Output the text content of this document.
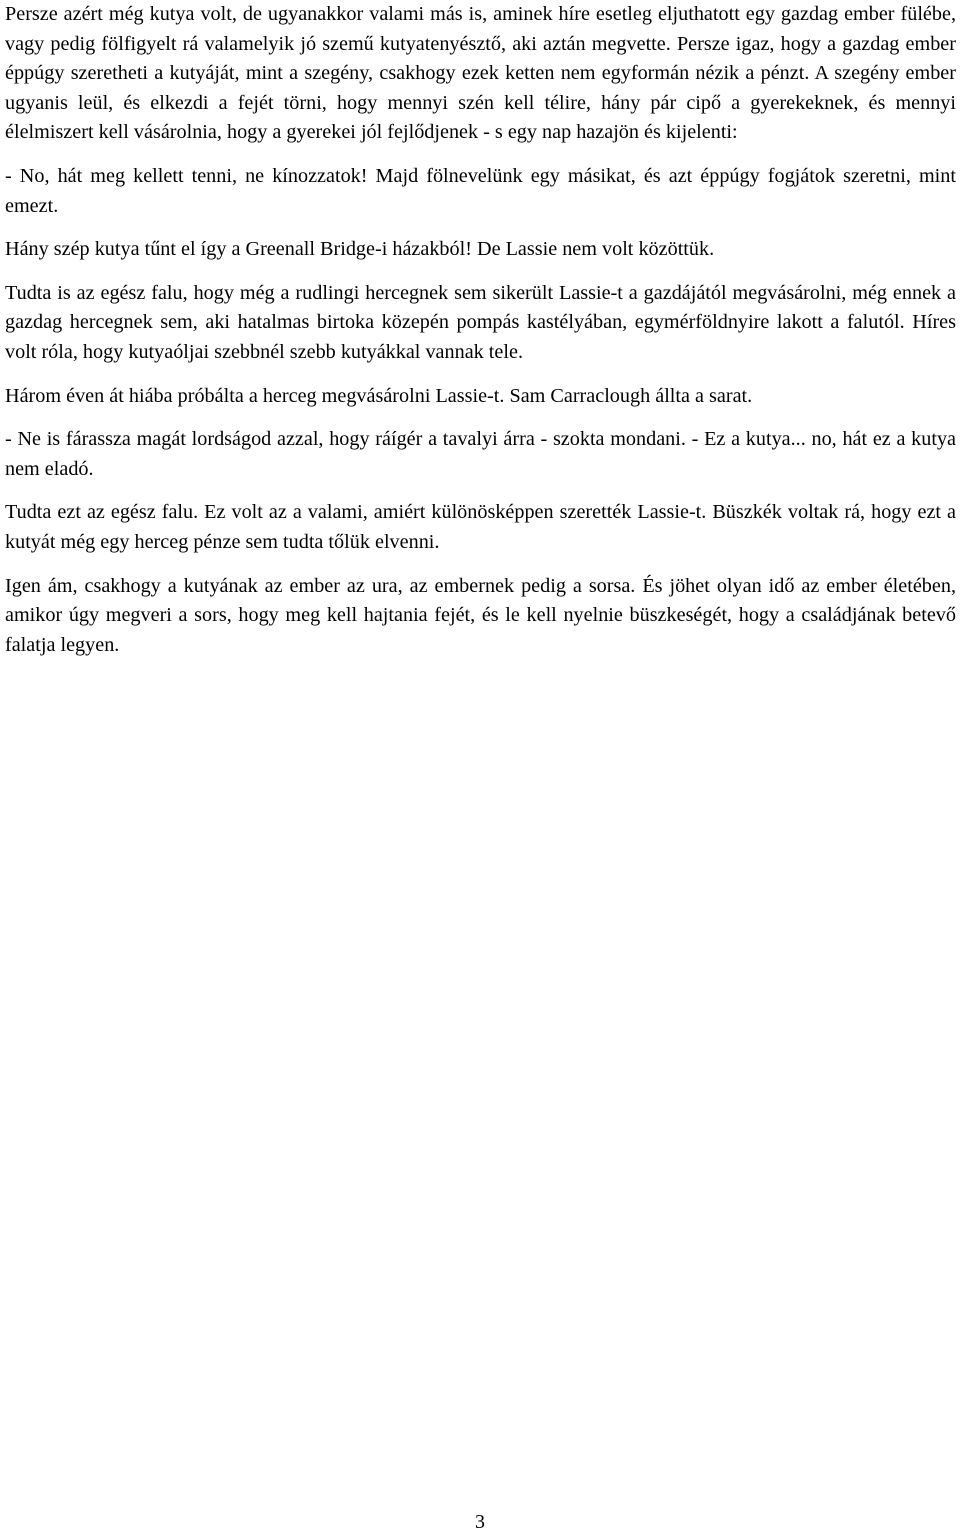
Persze azért még kutya volt, de ugyanakkor valami más is, aminek híre esetleg eljuthatott egy gazdag ember fülébe, vagy pedig fölfigyelt rá valamelyik jó szemű kutyatenyésztő, aki aztán megvette. Persze igaz, hogy a gazdag ember éppúgy szeretheti a kutyáját, mint a szegény, csakhogy ezek ketten nem egyformán nézik a pénzt. A szegény ember ugyanis leül, és elkezdi a fejét törni, hogy mennyi szén kell télire, hány pár cipő a gyerekeknek, és mennyi élelmiszert kell vásárolnia, hogy a gyerekei jól fejlődjenek - s egy nap hazajön és kijelenti:

- No, hát meg kellett tenni, ne kínozzatok! Majd fölnevelünk egy másikat, és azt éppúgy fogjátok szeretni, mint emezt.

Hány szép kutya tűnt el így a Greenall Bridge-i házakból! De Lassie nem volt közöttük.

Tudta is az egész falu, hogy még a rudlingi hercegnek sem sikerült Lassie-t a gazdájától megvásárolni, még ennek a gazdag hercegnek sem, aki hatalmas birtoka közepén pompás kastélyában, egymérföldnyire lakott a falutól. Híres volt róla, hogy kutyaóljai szebbnél szebb kutyákkal vannak tele.

Három éven át hiába próbálta a herceg megvásárolni Lassie-t. Sam Carraclough állta a sarat.

- Ne is fárassza magát lordságod azzal, hogy ráígér a tavalyi árra - szokta mondani. - Ez a kutya... no, hát ez a kutya nem eladó.

Tudta ezt az egész falu. Ez volt az a valami, amiért különösképpen szerették Lassie-t. Büszkék voltak rá, hogy ezt a kutyát még egy herceg pénze sem tudta tőlük elvenni.

Igen ám, csakhogy a kutyának az ember az ura, az embernek pedig a sorsa. És jöhet olyan idő az ember életében, amikor úgy megveri a sors, hogy meg kell hajtania fejét, és le kell nyelnie büszkeségét, hogy a családjának betevő falatja legyen.

3
